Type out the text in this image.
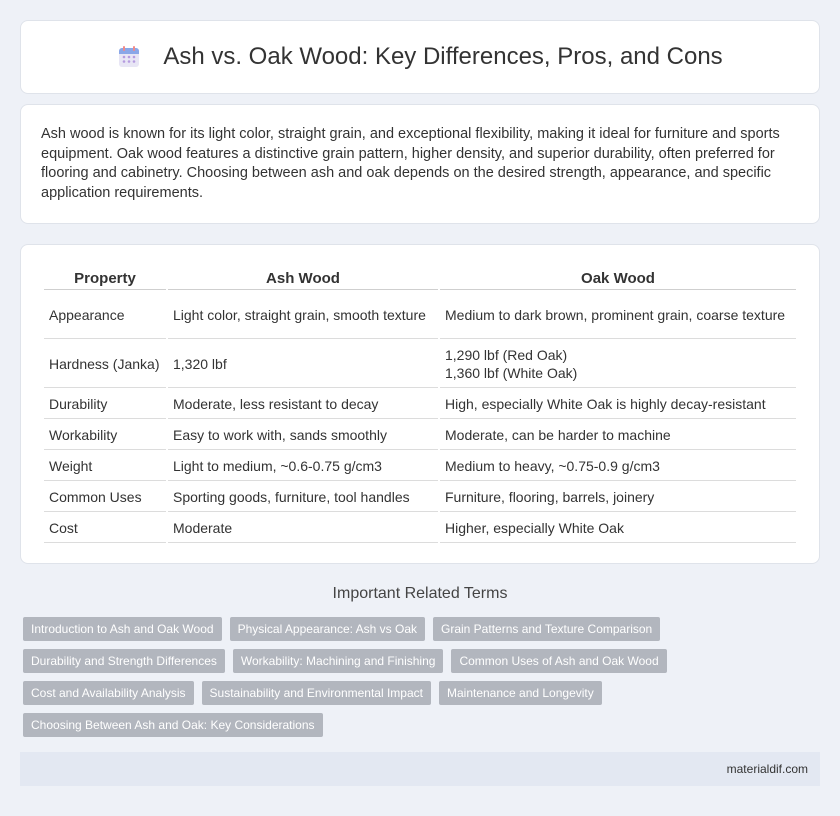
Ash vs. Oak Wood: Key Differences, Pros, and Cons

Ash wood is known for its light color, straight grain, and exceptional flexibility, making it ideal for furniture and sports equipment. Oak wood features a distinctive grain pattern, higher density, and superior durability, often preferred for flooring and cabinetry. Choosing between ash and oak depends on the desired strength, appearance, and specific application requirements.

Property	Ash Wood	Oak Wood
Appearance	Light color, straight grain, smooth texture	Medium to dark brown, prominent grain, coarse texture
Hardness (Janka)	1,320 lbf	1,290 lbf (Red Oak)
1,360 lbf (White Oak)

Durability	Moderate, less resistant to decay	High, especially White Oak is highly decay-resistant
Workability	Easy to work with, sands smoothly	Moderate, can be harder to machine
Weight	Light to medium, ~0.6-0.75 g/cm3	Medium to heavy, ~0.75-0.9 g/cm3
Common Uses	Sporting goods, furniture, tool handles	Furniture, flooring, barrels, joinery
Cost	Moderate	Higher, especially White Oak
Important Related Terms
Introduction to Ash and Oak Wood	Physical Appearance: Ash vs Oak	Grain Patterns and Texture Comparison
Durability and Strength Differences	Workability: Machining and Finishing	Common Uses of Ash and Oak Wood
Cost and Availability Analysis	Sustainability and Environmental Impact	Maintenance and Longevity
Choosing Between Ash and Oak: Key Considerations
materialdif.com
